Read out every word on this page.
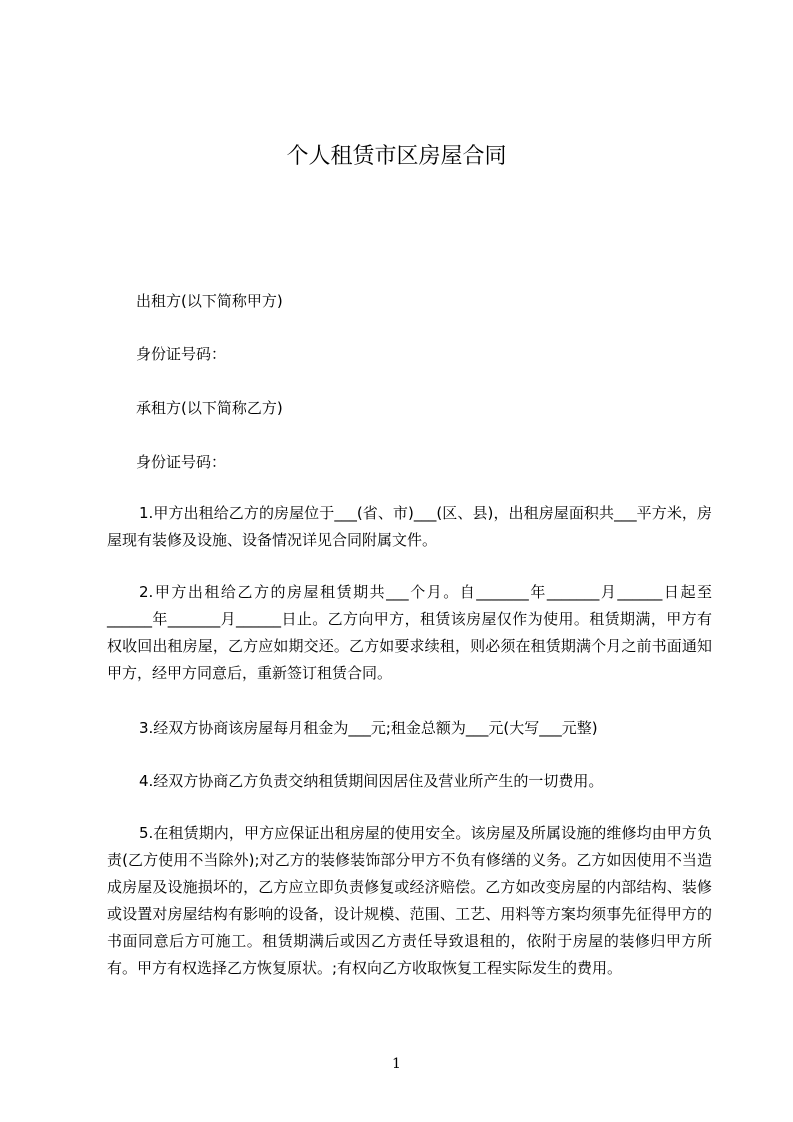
个人租赁市区房屋合同
出租方(以下简称甲方)
身份证号码：
承租方(以下简称乙方)
身份证号码：
1.甲方出租给乙方的房屋位于___(省、市)___(区、县)，出租房屋面积共___平方米，房屋现有装修及设施、设备情况详见合同附属文件。
2.甲方出租给乙方的房屋租赁期共___个月。自_______年_______月______日起至______年_______月______日止。乙方向甲方，租赁该房屋仅作为使用。租赁期满，甲方有权收回出租房屋，乙方应如期交还。乙方如要求续租，则必须在租赁期满个月之前书面通知甲方，经甲方同意后，重新签订租赁合同。
3.经双方协商该房屋每月租金为___元;租金总额为___元(大写___元整)
4.经双方协商乙方负责交纳租赁期间因居住及营业所产生的一切费用。
5.在租赁期内，甲方应保证出租房屋的使用安全。该房屋及所属设施的维修均由甲方负责(乙方使用不当除外);对乙方的装修装饰部分甲方不负有修缮的义务。乙方如因使用不当造成房屋及设施损坏的，乙方应立即负责修复或经济赔偿。乙方如改变房屋的内部结构、装修或设置对房屋结构有影响的设备，设计规模、范围、工艺、用料等方案均须事先征得甲方的书面同意后方可施工。租赁期满后或因乙方责任导致退租的，依附于房屋的装修归甲方所有。甲方有权选择乙方恢复原状。;有权向乙方收取恢复工程实际发生的费用。
1
